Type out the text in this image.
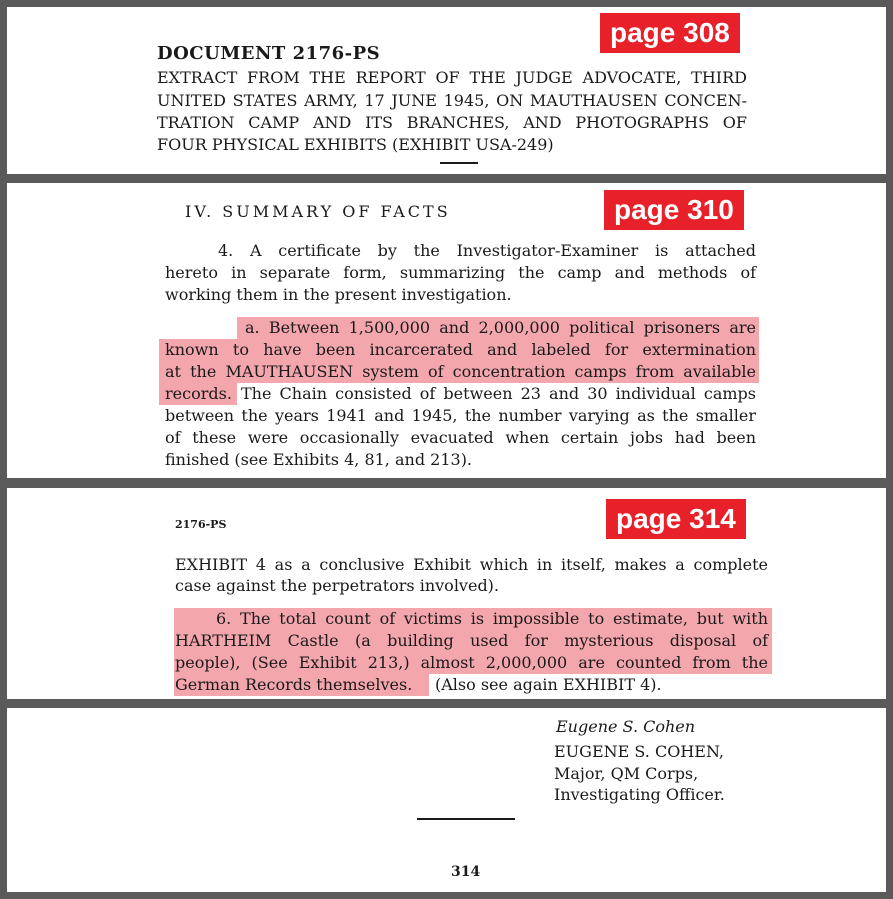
page 308
DOCUMENT 2176-PS
EXTRACT FROM THE REPORT OF THE JUDGE ADVOCATE, THIRD
UNITED STATES ARMY, 17 JUNE 1945, ON MAUTHAUSEN CONCEN-
TRATION CAMP AND ITS BRANCHES, AND PHOTOGRAPHS OF
FOUR PHYSICAL EXHIBITS (EXHIBIT USA-249)
page 310
IV. SUMMARY OF FACTS
4. A certificate by the Investigator-Examiner is attached
hereto in separate form, summarizing the camp and methods of
working them in the present investigation.
a. Between 1,500,000 and 2,000,000 political prisoners are
known to have been incarcerated and labeled for extermination
at the MAUTHAUSEN system of concentration camps from available
records. The Chain consisted of between 23 and 30 individual camps
between the years 1941 and 1945, the number varying as the smaller
of these were occasionally evacuated when certain jobs had been
finished (see Exhibits 4, 81, and 213).
page 314
2176-PS
EXHIBIT 4 as a conclusive Exhibit which in itself, makes a complete
case against the perpetrators involved).
6. The total count of victims is impossible to estimate, but with
HARTHEIM Castle (a building used for mysterious disposal of
people), (See Exhibit 213,) almost 2,000,000 are counted from the
German Records themselves. (Also see again EXHIBIT 4).
Eugene S. Cohen
EUGENE S. COHEN,
Major, QM Corps,
Investigating Officer.
314
